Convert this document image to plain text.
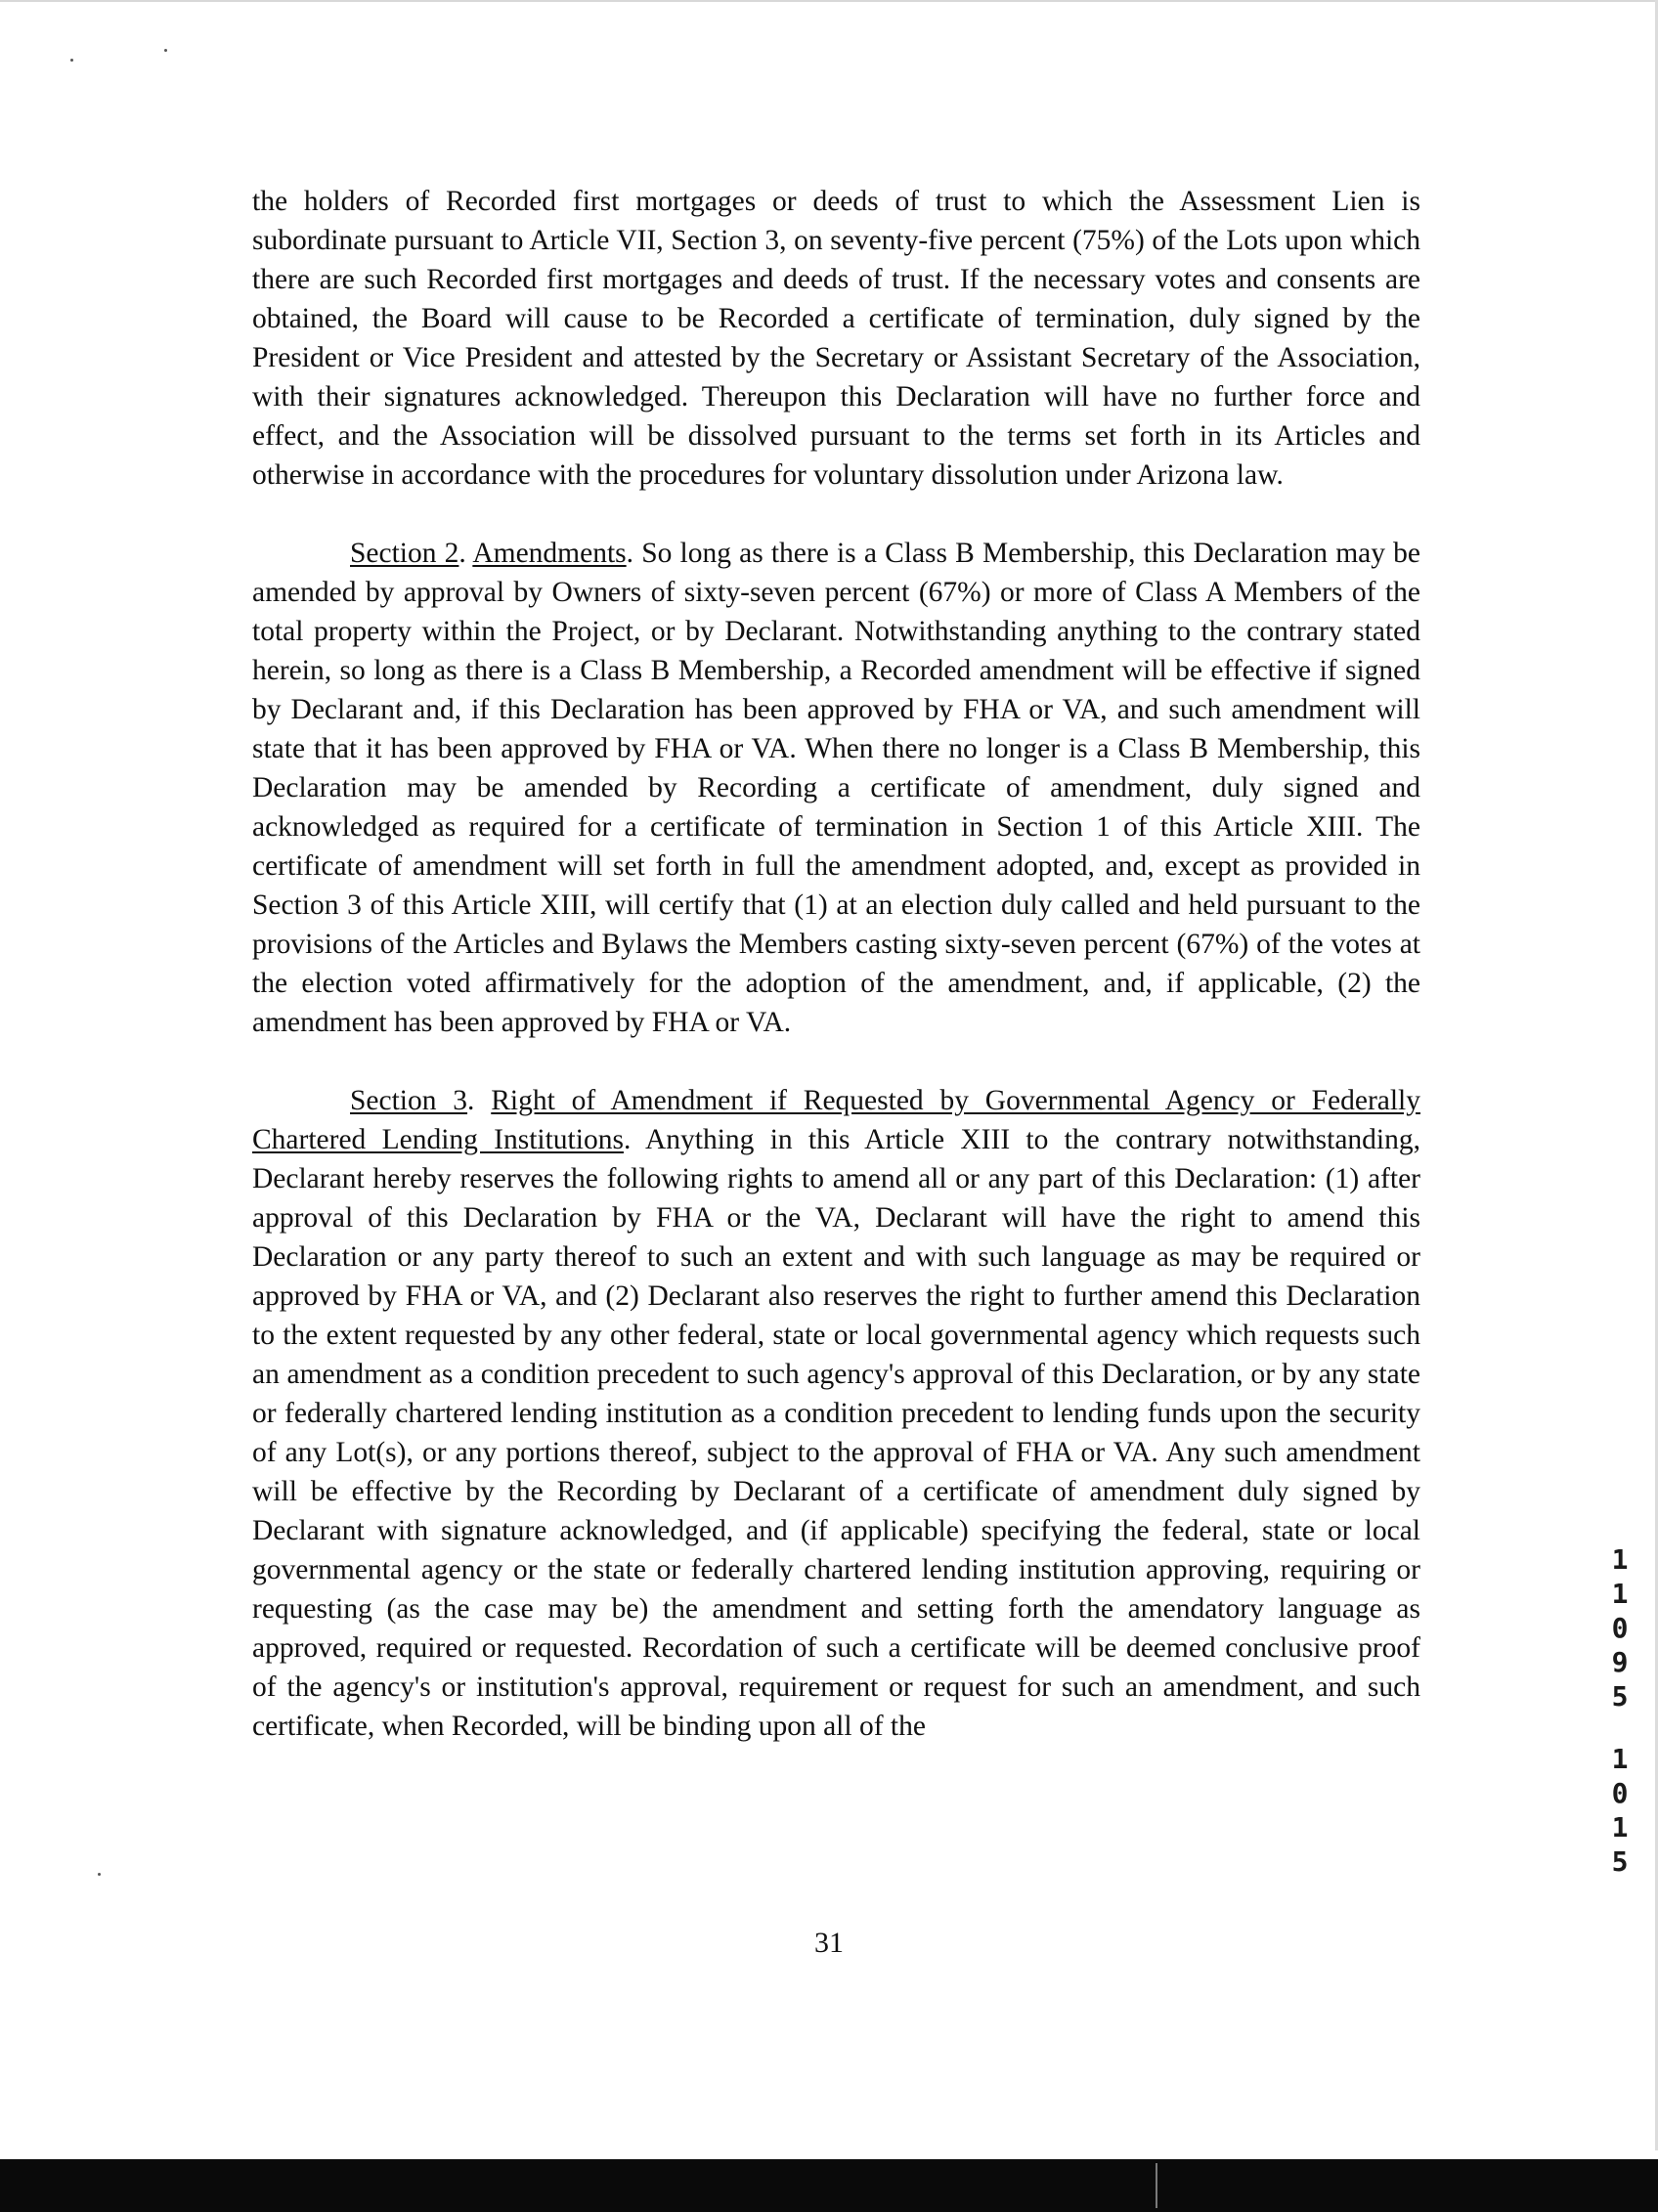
the holders of Recorded first mortgages or deeds of trust to which the Assessment Lien is subordinate pursuant to Article VII, Section 3, on seventy-five percent (75%) of the Lots upon which there are such Recorded first mortgages and deeds of trust. If the necessary votes and consents are obtained, the Board will cause to be Recorded a certificate of termination, duly signed by the President or Vice President and attested by the Secretary or Assistant Secretary of the Association, with their signatures acknowledged. Thereupon this Declaration will have no further force and effect, and the Association will be dissolved pursuant to the terms set forth in its Articles and otherwise in accordance with the procedures for voluntary dissolution under Arizona law.

Section 2. Amendments. So long as there is a Class B Membership, this Declaration may be amended by approval by Owners of sixty-seven percent (67%) or more of Class A Members of the total property within the Project, or by Declarant. Notwithstanding anything to the contrary stated herein, so long as there is a Class B Membership, a Recorded amendment will be effective if signed by Declarant and, if this Declaration has been approved by FHA or VA, and such amendment will state that it has been approved by FHA or VA. When there no longer is a Class B Membership, this Declaration may be amended by Recording a certificate of amendment, duly signed and acknowledged as required for a certificate of termination in Section 1 of this Article XIII. The certificate of amendment will set forth in full the amendment adopted, and, except as provided in Section 3 of this Article XIII, will certify that (1) at an election duly called and held pursuant to the provisions of the Articles and Bylaws the Members casting sixty-seven percent (67%) of the votes at the election voted affirmatively for the adoption of the amendment, and, if applicable, (2) the amendment has been approved by FHA or VA.

Section 3. Right of Amendment if Requested by Governmental Agency or Federally Chartered Lending Institutions. Anything in this Article XIII to the contrary notwithstanding, Declarant hereby reserves the following rights to amend all or any part of this Declaration: (1) after approval of this Declaration by FHA or the VA, Declarant will have the right to amend this Declaration or any party thereof to such an extent and with such language as may be required or approved by FHA or VA, and (2) Declarant also reserves the right to further amend this Declaration to the extent requested by any other federal, state or local governmental agency which requests such an amendment as a condition precedent to such agency's approval of this Declaration, or by any state or federally chartered lending institution as a condition precedent to lending funds upon the security of any Lot(s), or any portions thereof, subject to the approval of FHA or VA. Any such amendment will be effective by the Recording by Declarant of a certificate of amendment duly signed by Declarant with signature acknowledged, and (if applicable) specifying the federal, state or local governmental agency or the state or federally chartered lending institution approving, requiring or requesting (as the case may be) the amendment and setting forth the amendatory language as approved, required or requested. Recordation of such a certificate will be deemed conclusive proof of the agency's or institution's approval, requirement or request for such an amendment, and such certificate, when Recorded, will be binding upon all of the

31
1
1
0
9
5
1
0
1
5
